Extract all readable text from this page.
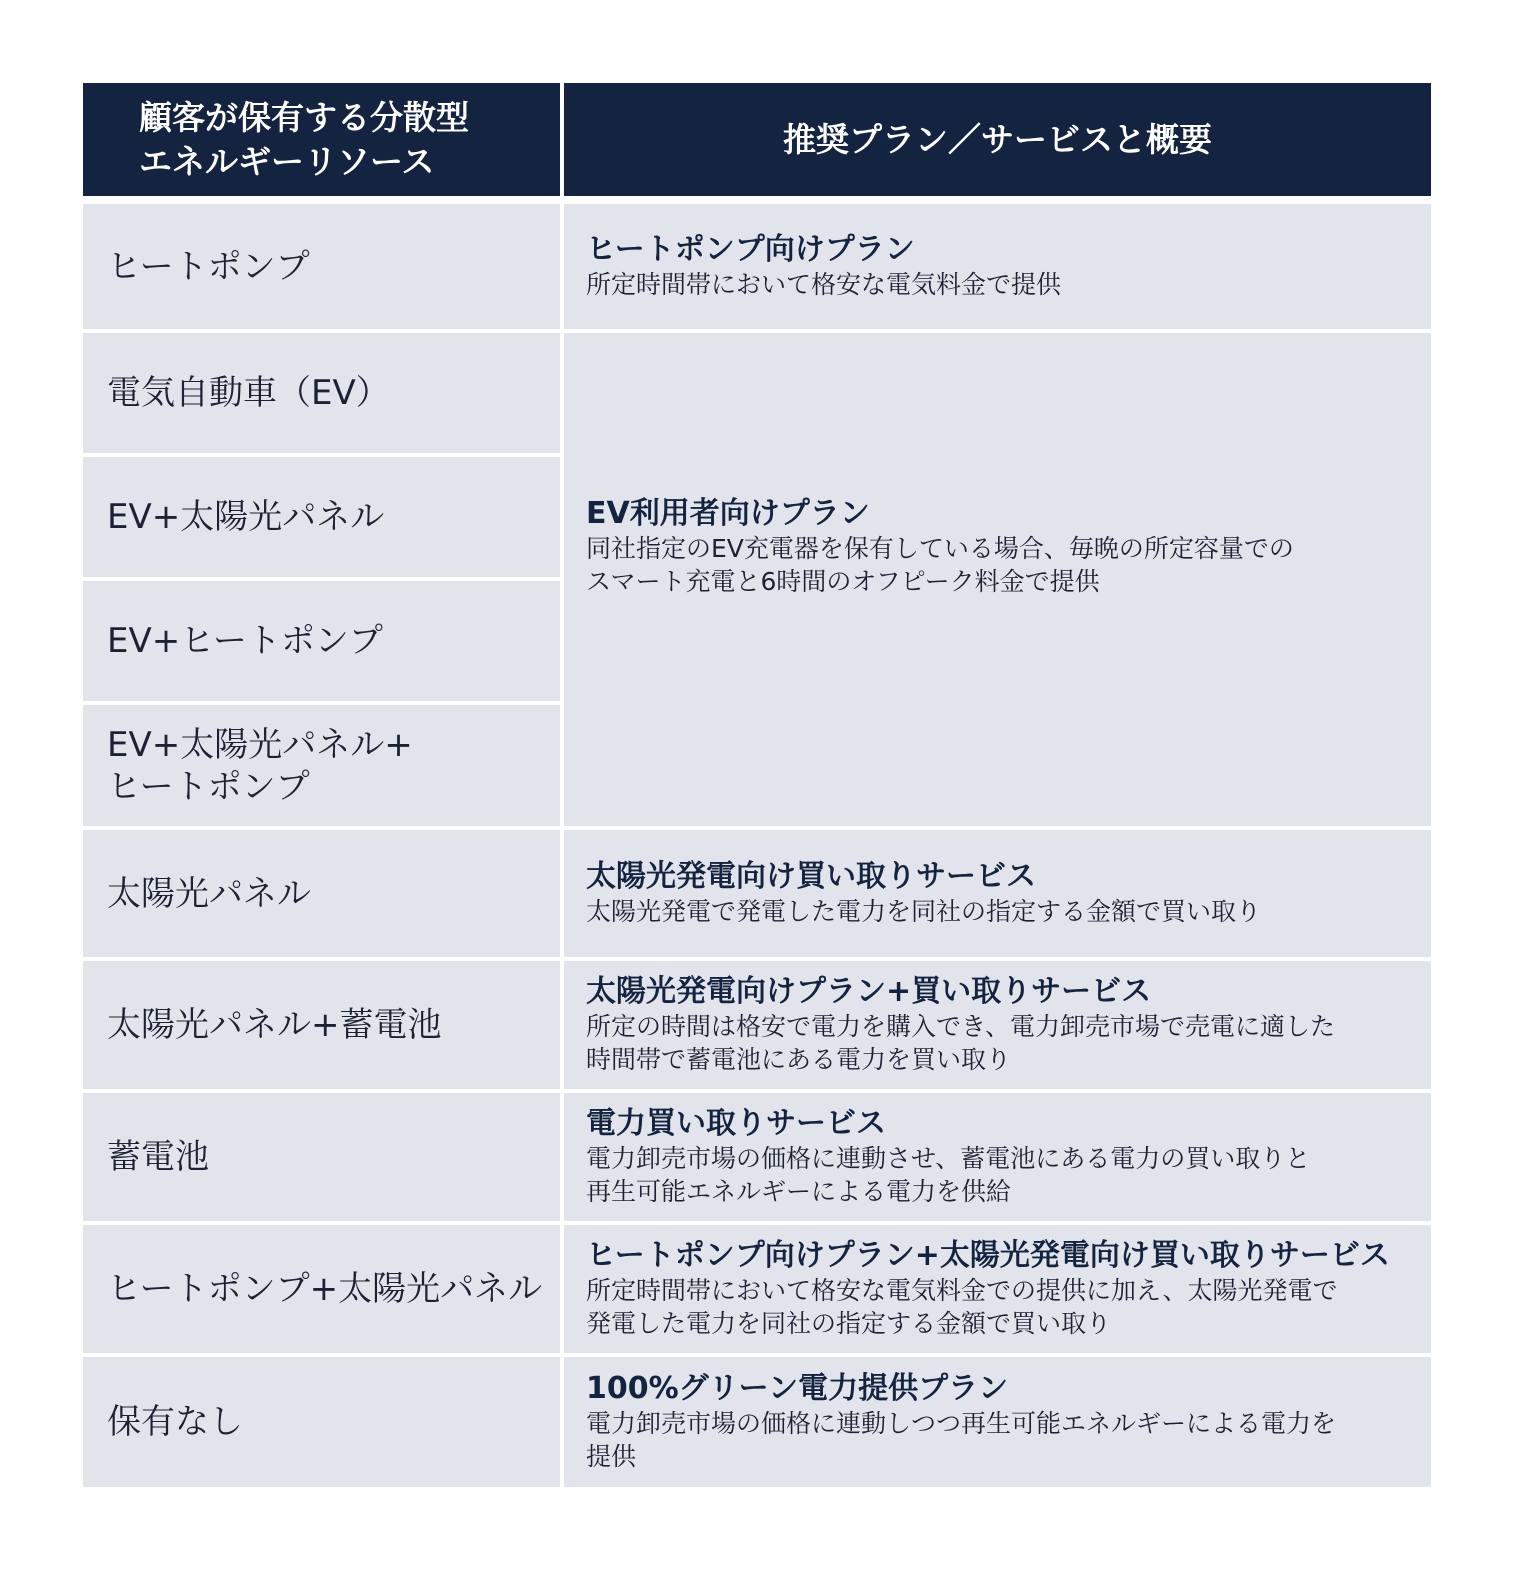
顧客が保有する分散型
エネルギーリソース
推奨プラン／サービスと概要
ヒートポンプ	ヒートポンプ向けプラン
所定時間帯において格安な電気料金で提供
電気自動車（EV）
EV+太陽光パネル
EV+ヒートポンプ
EV+太陽光パネル+
ヒートポンプ
EV利用者向けプラン
同社指定のEV充電器を保有している場合、毎晩の所定容量での
スマート充電と6時間のオフピーク料金で提供
太陽光パネル	太陽光発電向け買い取りサービス
太陽光発電で発電した電力を同社の指定する金額で買い取り
太陽光パネル+蓄電池
太陽光発電向けプラン+買い取りサービス
所定の時間は格安で電力を購入でき、電力卸売市場で売電に適した
時間帯で蓄電池にある電力を買い取り
蓄電池
電力買い取りサービス
電力卸売市場の価格に連動させ、蓄電池にある電力の買い取りと
再生可能エネルギーによる電力を供給
ヒートポンプ+太陽光パネル
ヒートポンプ向けプラン+太陽光発電向け買い取りサービス
所定時間帯において格安な電気料金での提供に加え、太陽光発電で
発電した電力を同社の指定する金額で買い取り
保有なし
100%グリーン電力提供プラン
電力卸売市場の価格に連動しつつ再生可能エネルギーによる電力を
提供
